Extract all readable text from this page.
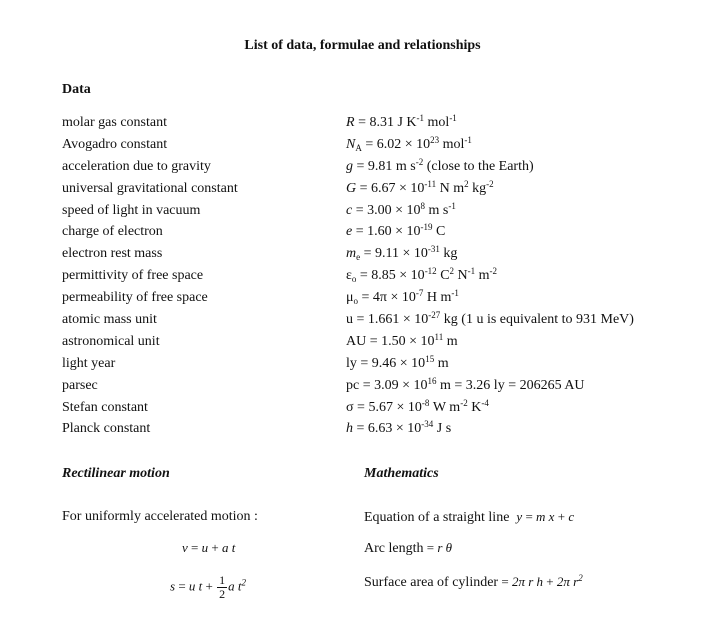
List of data, formulae and relationships
Data
molar gas constant	R = 8.31 J $K^{-1}$ mol$^{-1}$
Avogadro constant	$N_A = 6.02 \times 10^{23}$ mol$^{-1}$
acceleration due to gravity	g = 9.81 m $s^{-2}$ (close to the Earth)
universal gravitational constant	$G = 6.67 \times 10^{-11}$ N $m^2$ $kg^{-2}$
speed of light in vacuum	$c = 3.00 \times 10^8$ m $s^{-1}$
charge of electron	$e = 1.60 \times 10^{-19}$ C
electron rest mass	$m_e = 9.11 \times 10^{-31}$ kg
permittivity of free space	$\varepsilon_o = 8.85 \times 10^{-12}$ $C^2$ $N^{-1}$ $m^{-2}$
permeability of free space	$\mu_o = 4\pi \times 10^{-7}$ H $m^{-1}$
atomic mass unit	$u = 1.661 \times 10^{-27}$ kg (1 u is equivalent to 931 MeV)
astronomical unit	AU = $1.50 \times 10^{11}$ m
light year	ly = $9.46 \times 10^{15}$ m
parsec	pc = $3.09 \times 10^{16}$ m = 3.26 ly = 206265 AU
Stefan constant	$\sigma = 5.67 \times 10^{-8}$ W $m^{-2}$ $K^{-4}$
Planck constant	$h = 6.63 \times 10^{-34}$ J s
Rectilinear motion	Mathematics
For uniformly accelerated motion :
v = u + a t
s = u $t + \frac{1}{2}$ a $t^2$
Equation of a straight line y = m x + c
Arc length = r θ
Surface area of cylinder = 2π r h + 2π $r^2$
